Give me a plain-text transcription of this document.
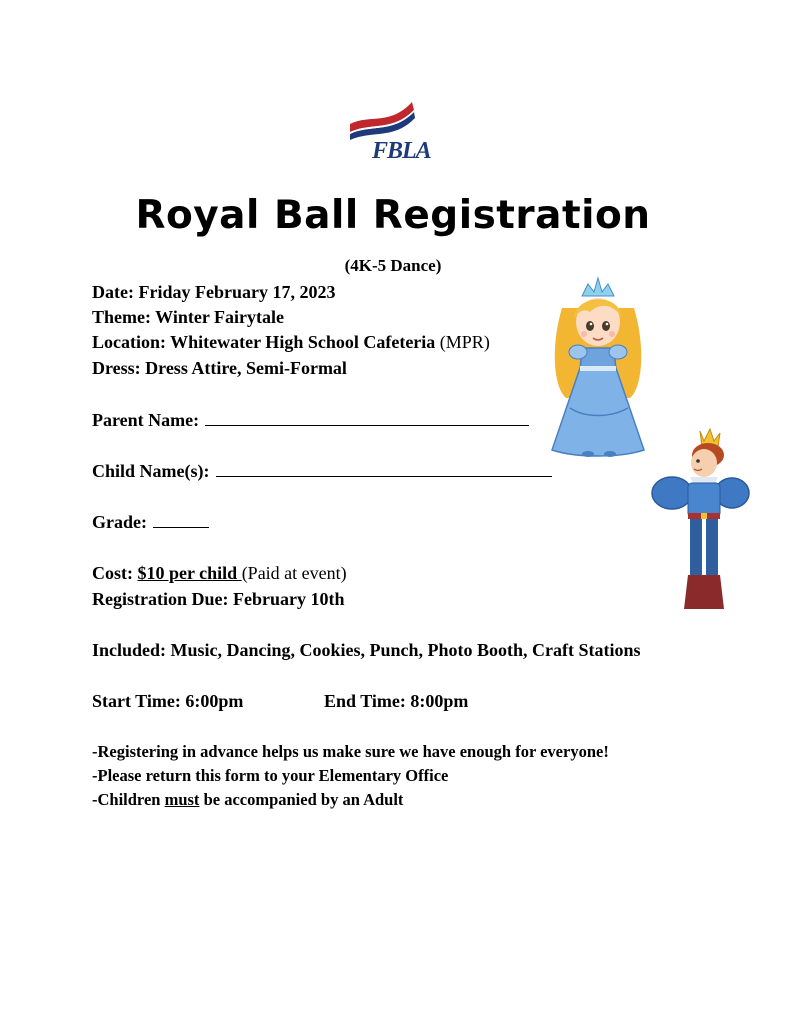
FBLA
Royal Ball Registration
(4K-5 Dance)
Date: Friday February 17, 2023
Theme: Winter Fairytale
Location: Whitewater High School Cafeteria (MPR)
Dress: Dress Attire, Semi-Formal
Parent Name:
Child Name(s):
Grade:
Cost: $10 per child (Paid at event)
Registration Due: February 10th
Included: Music, Dancing, Cookies, Punch, Photo Booth, Craft Stations
Start Time: 6:00pm	End Time: 8:00pm
-Registering in advance helps us make sure we have enough for everyone!
-Please return this form to your Elementary Office
-Children must be accompanied by an Adult
